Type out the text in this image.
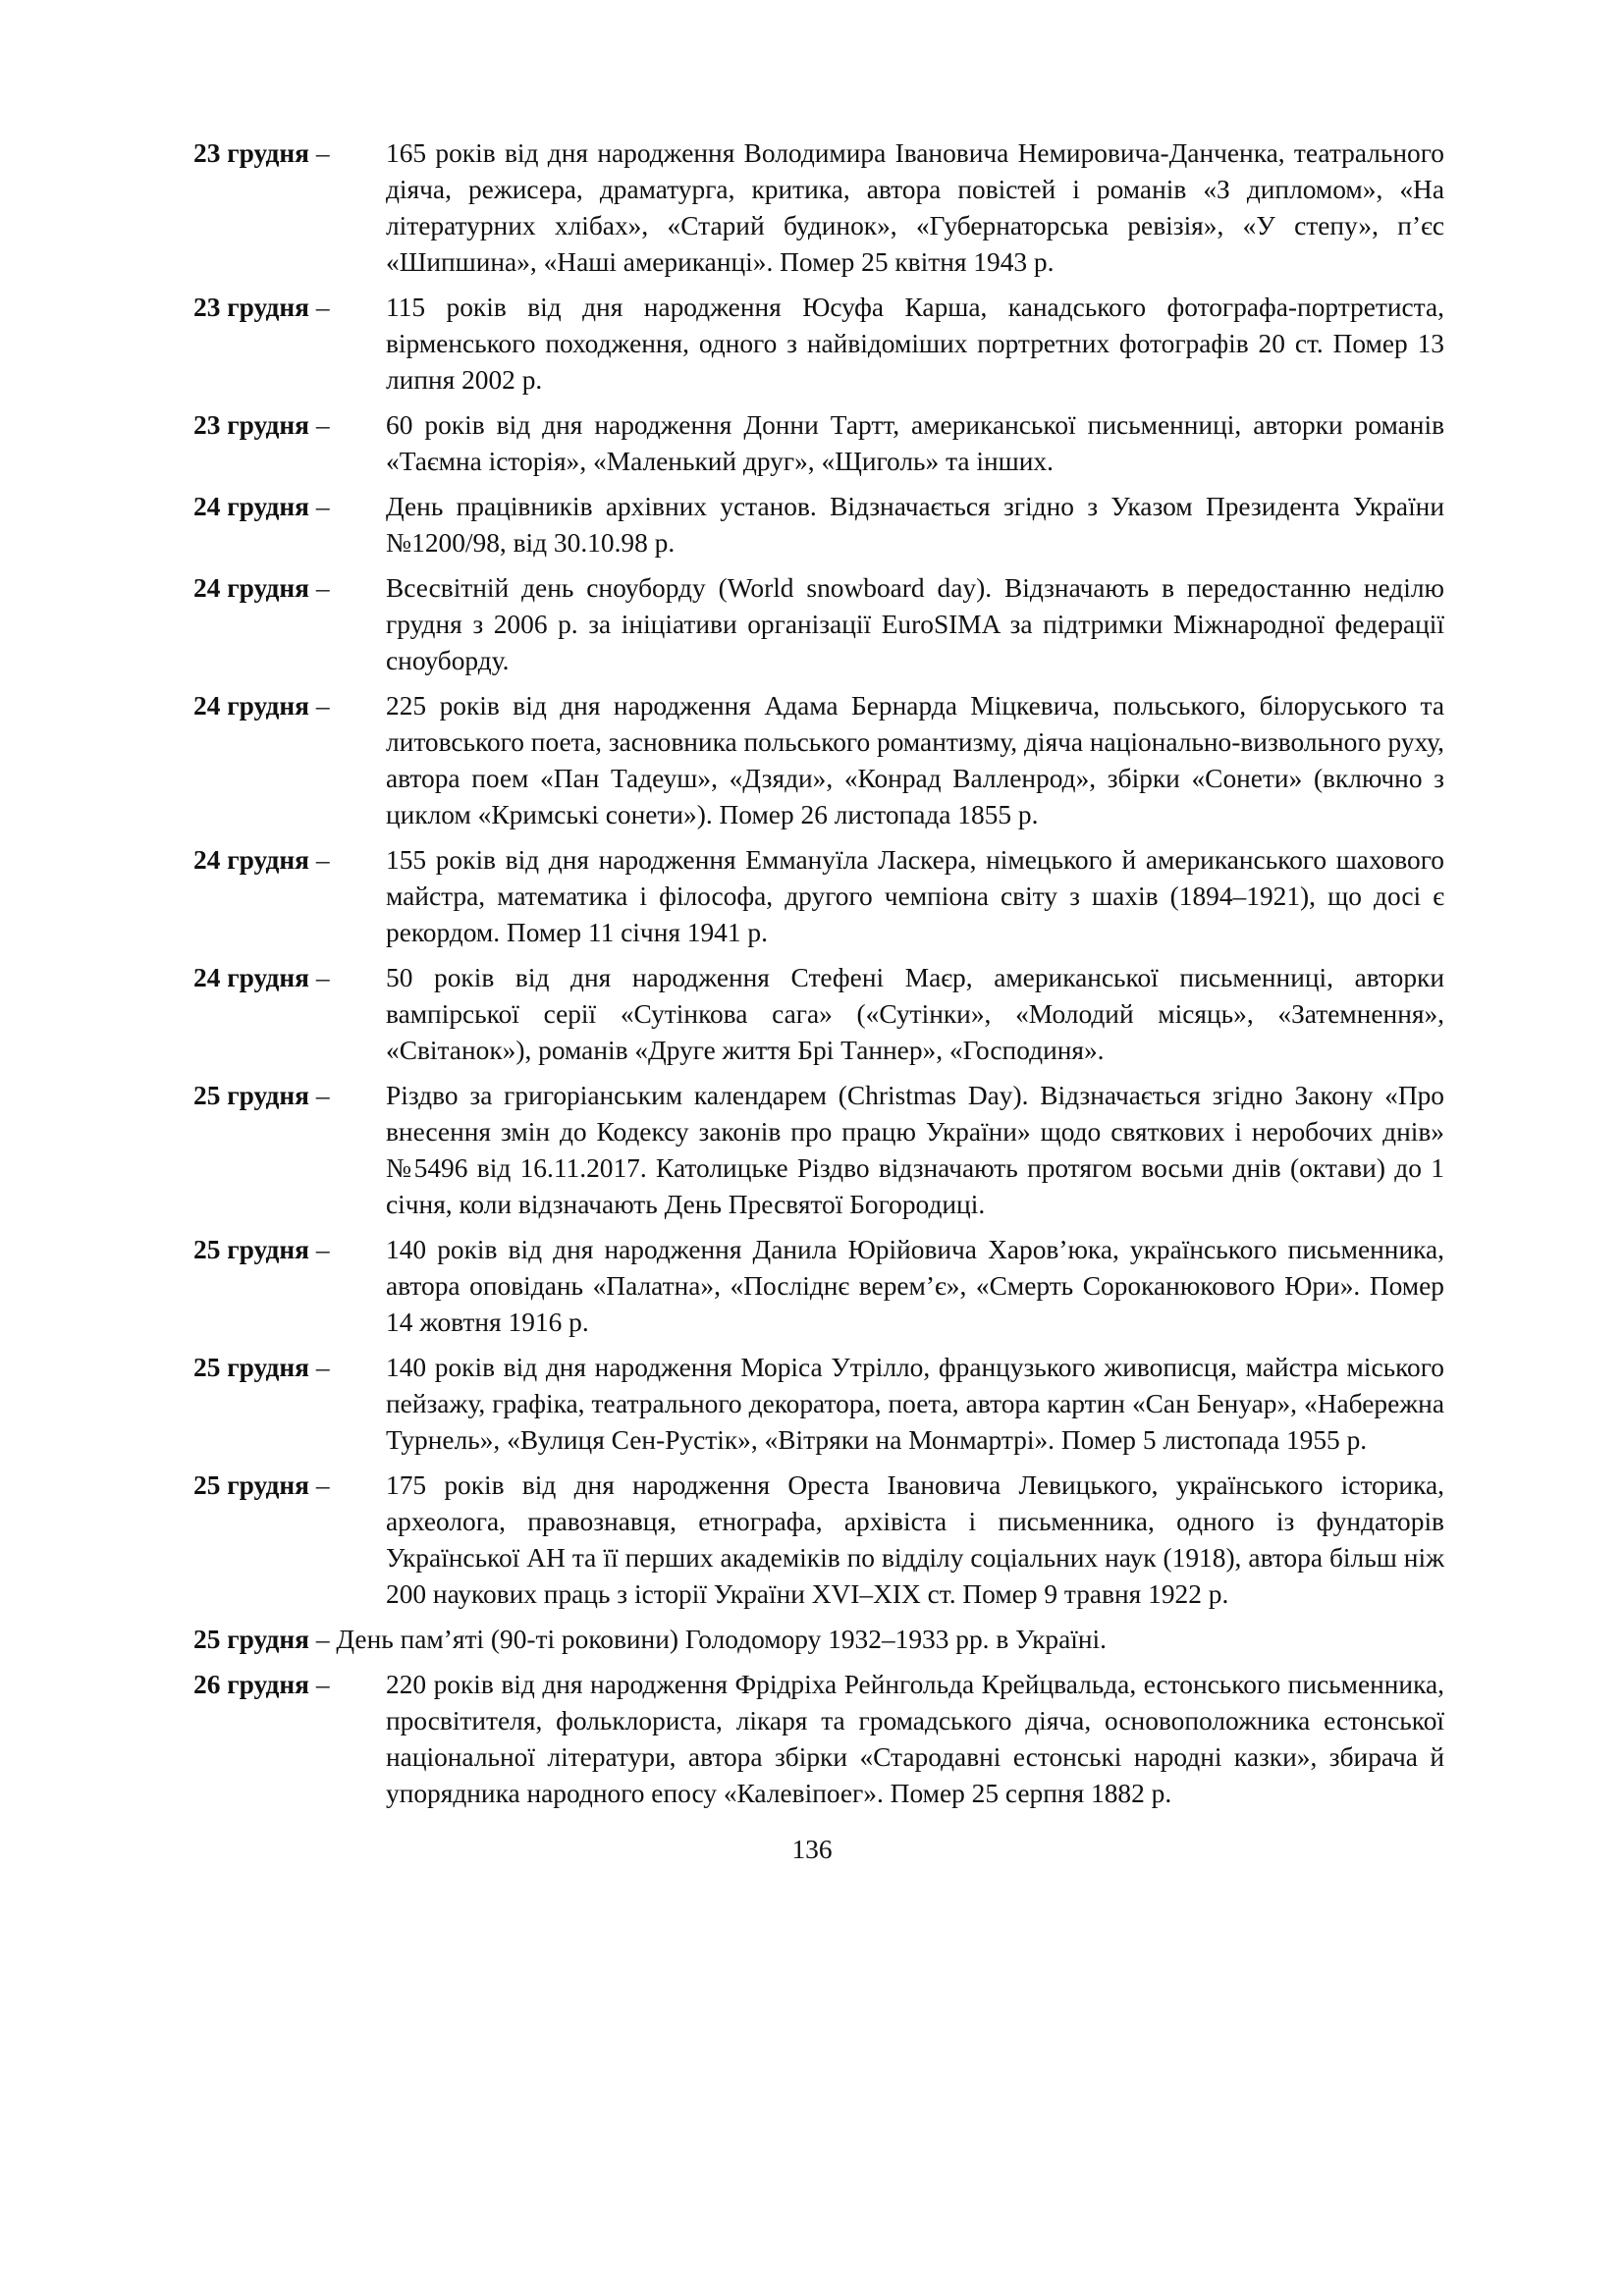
23 грудня – 165 років від дня народження Володимира Івановича Немировича-Данченка, театрального діяча, режисера, драматурга, критика, автора повістей і романів «З дипломом», «На літературних хлібах», «Старий будинок», «Губернаторська ревізія», «У степу», п’єс «Шипшина», «Наші американці». Помер 25 квітня 1943 р.
23 грудня – 115 років від дня народження Юсуфа Карша, канадського фотографа-портретиста, вірменського походження, одного з найвідоміших портретних фотографів 20 ст. Помер 13 липня 2002 р.
23 грудня – 60 років від дня народження Донни Тартт, американської письменниці, авторки романів «Таємна історія», «Маленький друг», «Щиголь» та інших.
24 грудня – День працівників архівних установ. Відзначається згідно з Указом Президента України №1200/98, від 30.10.98 р.
24 грудня – Всесвітній день сноуборду (World snowboard day). Відзначають в передостанню неділю грудня з 2006 р. за ініціативи організації EuroSIMA за підтримки Міжнародної федерації сноуборду.
24 грудня – 225 років від дня народження Адама Бернарда Міцкевича, польського, білоруського та литовського поета, засновника польського романтизму, діяча національно-визвольного руху, автора поем «Пан Тадеуш», «Дзяди», «Конрад Валленрод», збірки «Сонети» (включно з циклом «Кримські сонети»). Помер 26 листопада 1855 р.
24 грудня – 155 років від дня народження Еммануїла Ласкера, німецького й американського шахового майстра, математика і філософа, другого чемпіона світу з шахів (1894–1921), що досі є рекордом. Помер 11 січня 1941 р.
24 грудня – 50 років від дня народження Стефені Маєр, американської письменниці, авторки вампірської серії «Сутінкова сага» («Сутінки», «Молодий місяць», «Затемнення», «Світанок»), романів «Друге життя Брі Таннер», «Господиня».
25 грудня – Різдво за григоріанським календарем (Christmas Day). Відзначається згідно Закону «Про внесення змін до Кодексу законів про працю України» щодо святкових і неробочих днів» №5496 від 16.11.2017. Католицьке Різдво відзначають протягом восьми днів (октави) до 1 січня, коли відзначають День Пресвятої Богородиці.
25 грудня – 140 років від дня народження Данила Юрійовича Харов’юка, українського письменника, автора оповідань «Палатна», «Послiднє верем’є», «Смерть Сороканюкового Юри». Помер 14 жовтня 1916 р.
25 грудня – 140 років від дня народження Моріса Утрілло, французького живописця, майстра міського пейзажу, графіка, театрального декоратора, поета, автора картин «Сан Бенуар», «Набережна Турнель», «Вулиця Сен-Рустік», «Вітряки на Монмартрі». Помер 5 листопада 1955 р.
25 грудня – 175 років від дня народження Ореста Івановича Левицького, українського історика, археолога, правознавця, етнографа, архівіста і письменника, одного із фундаторів Української АН та її перших академіків по відділу соціальних наук (1918), автора більш ніж 200 наукових праць з історії України XVI–XIX ст. Помер 9 травня 1922 р.
25 грудня – День пам’яті (90-ті роковини) Голодомору 1932–1933 рр. в Україні.
26 грудня – 220 років від дня народження Фрідріха Рейнгольда Крейцвальда, естонського письменника, просвітителя, фольклориста, лікаря та громадського діяча, основоположника естонської національної літератури, автора збірки «Стародавні естонські народні казки», збирача й упорядника народного епосу «Калевіпоег». Помер 25 серпня 1882 р.
136
